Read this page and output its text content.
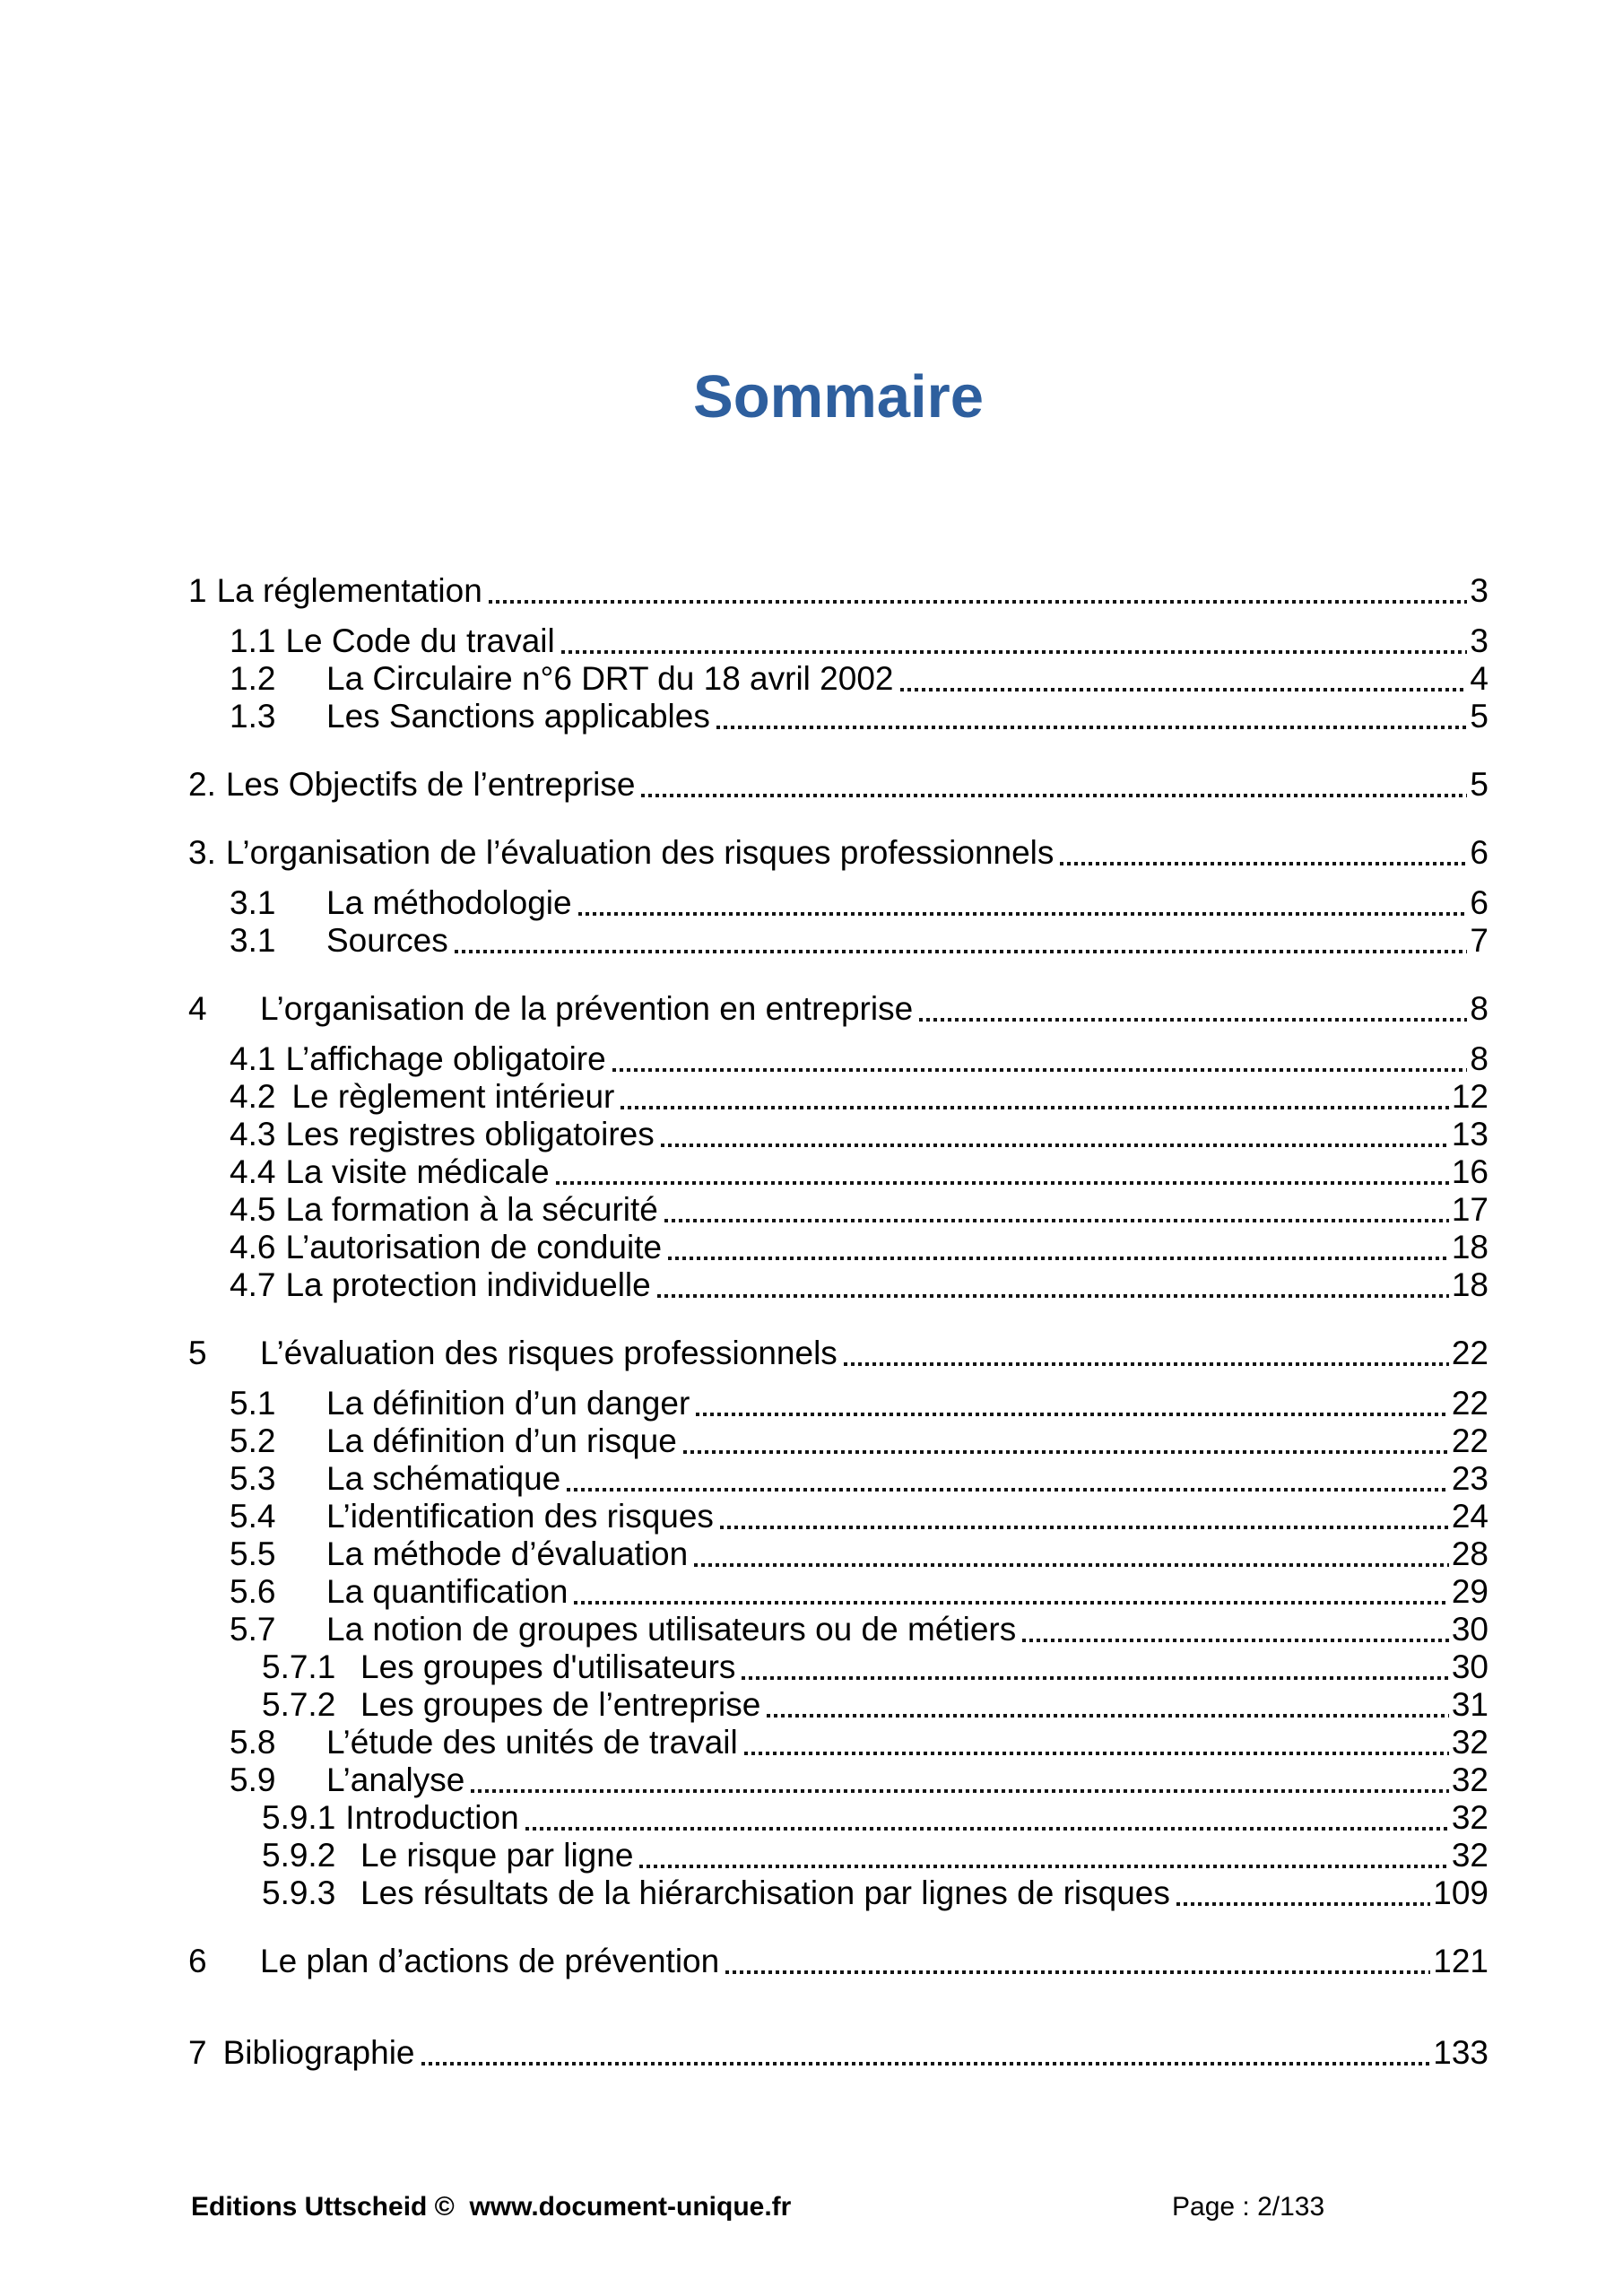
Sommaire
1 La réglementation	3
1.1 Le Code du travail	3
1.2	La Circulaire n°6 DRT du 18 avril 2002	4
1.3	Les Sanctions applicables	5
2. Les Objectifs de l’entreprise	5
3. L’organisation de l’évaluation des risques professionnels	6
3.1	La méthodologie	6
3.1	Sources	7
4	L’organisation de la prévention en entreprise	8
4.1 L’affichage obligatoire	8
4.2 Le règlement intérieur	12
4.3 Les registres obligatoires	13
4.4 La visite médicale	16
4.5 La formation à la sécurité	17
4.6 L’autorisation de conduite	18
4.7 La protection individuelle	18
5	L’évaluation des risques professionnels	22
5.1	La définition d’un danger	22
5.2	La définition d’un risque	22
5.3	La schématique	23
5.4	L’identification des risques	24
5.5	La méthode d’évaluation	28
5.6	La quantification	29
5.7	La notion de groupes utilisateurs ou de métiers	30
5.7.1 Les groupes d'utilisateurs	30
5.7.2 Les groupes de l’entreprise	31
5.8	L’étude des unités de travail	32
5.9	L’analyse	32
5.9.1 Introduction	32
5.9.2 Le risque par ligne	32
5.9.3 Les résultats de la hiérarchisation par lignes de risques	109
6	Le plan d’actions de prévention	121
7 Bibliographie	133
Editions Uttscheid ©  www.document-unique.fr	Page : 2/133
